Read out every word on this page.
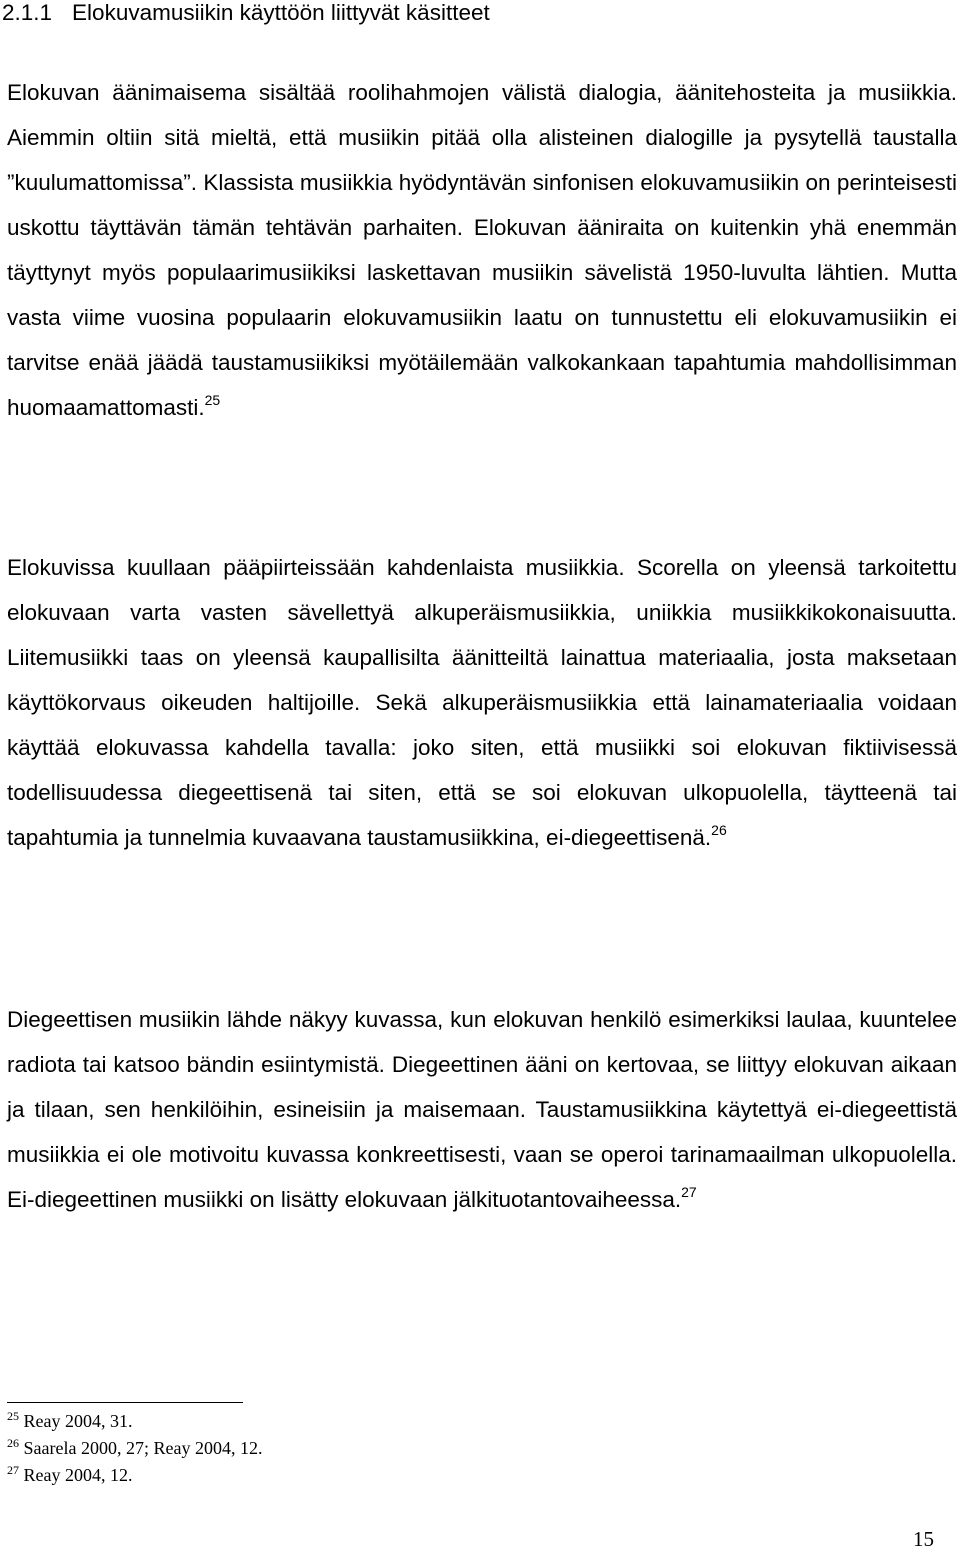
2.1.1 Elokuvamusiikin käyttöön liittyvät käsitteet

Elokuvan äänimaisema sisältää roolihahmojen välistä dialogia, äänitehosteita ja musiikkia. Aiemmin oltiin sitä mieltä, että musiikin pitää olla alisteinen dialogille ja pysytellä taustalla ”kuulumattomissa”. Klassista musiikkia hyödyntävän sinfonisen elokuvamusiikin on perinteisesti uskottu täyttävän tämän tehtävän parhaiten. Elokuvan ääniraita on kuitenkin yhä enemmän täyttynyt myös populaarimusiikiksi laskettavan musiikin sävelistä 1950-luvulta lähtien. Mutta vasta viime vuosina populaarin elokuvamusiikin laatu on tunnustettu eli elokuvamusiikin ei tarvitse enää jäädä taustamusiikiksi myötäilemään valkokankaan tapahtumia mahdollisimman huomaamattomasti.$^{25}$

Elokuvissa kuullaan pääpiirteissään kahdenlaista musiikkia. Scorella on yleensä tarkoitettu elokuvaan varta vasten sävellettyä alkuperäismusiikkia, uniikkia musiikkikokonaisuutta. Liitemusiikki taas on yleensä kaupallisilta äänitteiltä lainattua materiaalia, josta maksetaan käyttökorvaus oikeuden haltijoille. Sekä alkuperäismusiikkia että lainamateriaalia voidaan käyttää elokuvassa kahdella tavalla: joko siten, että musiikki soi elokuvan fiktiivisessä todellisuudessa diegeettisenä tai siten, että se soi elokuvan ulkopuolella, täytteenä tai tapahtumia ja tunnelmia kuvaavana taustamusiikkina, ei-diegeettisenä.$^{26}$

Diegeettisen musiikin lähde näkyy kuvassa, kun elokuvan henkilö esimerkiksi laulaa, kuuntelee radiota tai katsoo bändin esiintymistä. Diegeettinen ääni on kertovaa, se liittyy elokuvan aikaan ja tilaan, sen henkilöihin, esineisiin ja maisemaan. Taustamusiikkina käytettyä ei-diegeettistä musiikkia ei ole motivoitu kuvassa konkreettisesti, vaan se operoi tarinamaailman ulkopuolella. Ei-diegeettinen musiikki on lisätty elokuvaan jälkituotantovaiheessa.$^{27}$

$^{25}$ Reay 2004, 31.
$^{26}$ Saarela 2000, 27; Reay 2004, 12.
$^{27}$ Reay 2004, 12.
15
